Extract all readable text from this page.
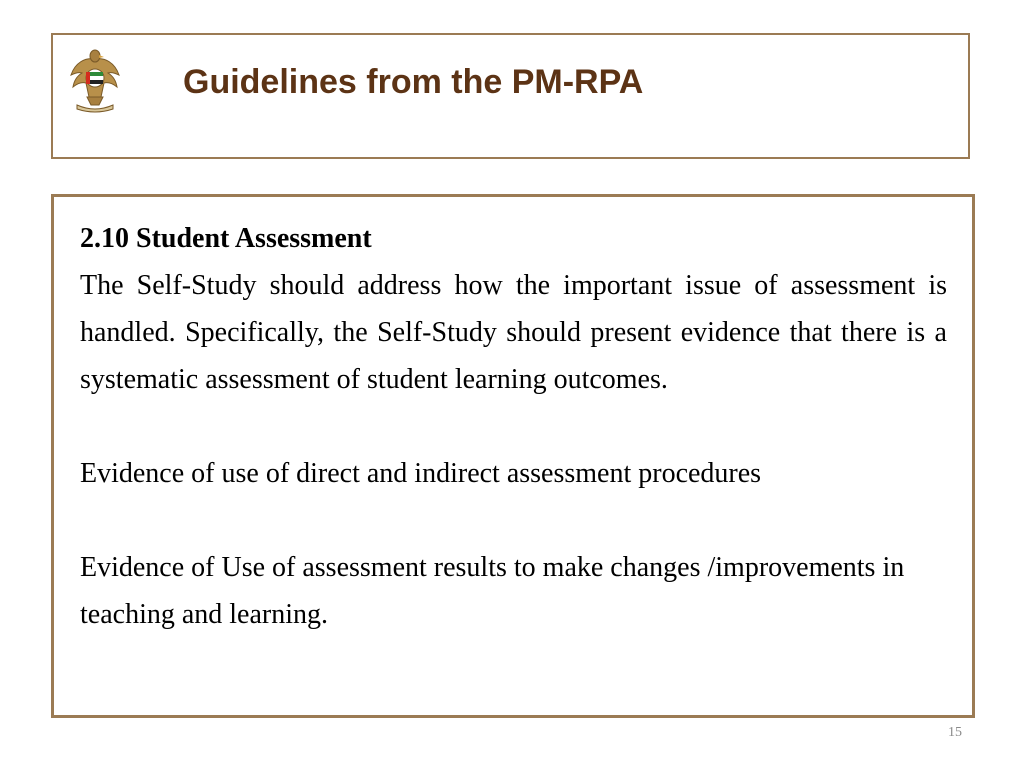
Guidelines from the PM-RPA

2.10 Student Assessment

The Self-Study should address how the important issue of assessment is handled. Specifically, the Self-Study should present evidence that there is a systematic assessment of student learning outcomes.

Evidence of use of direct and indirect assessment procedures

Evidence of Use of assessment results to make changes /improvements in teaching and learning.

15
